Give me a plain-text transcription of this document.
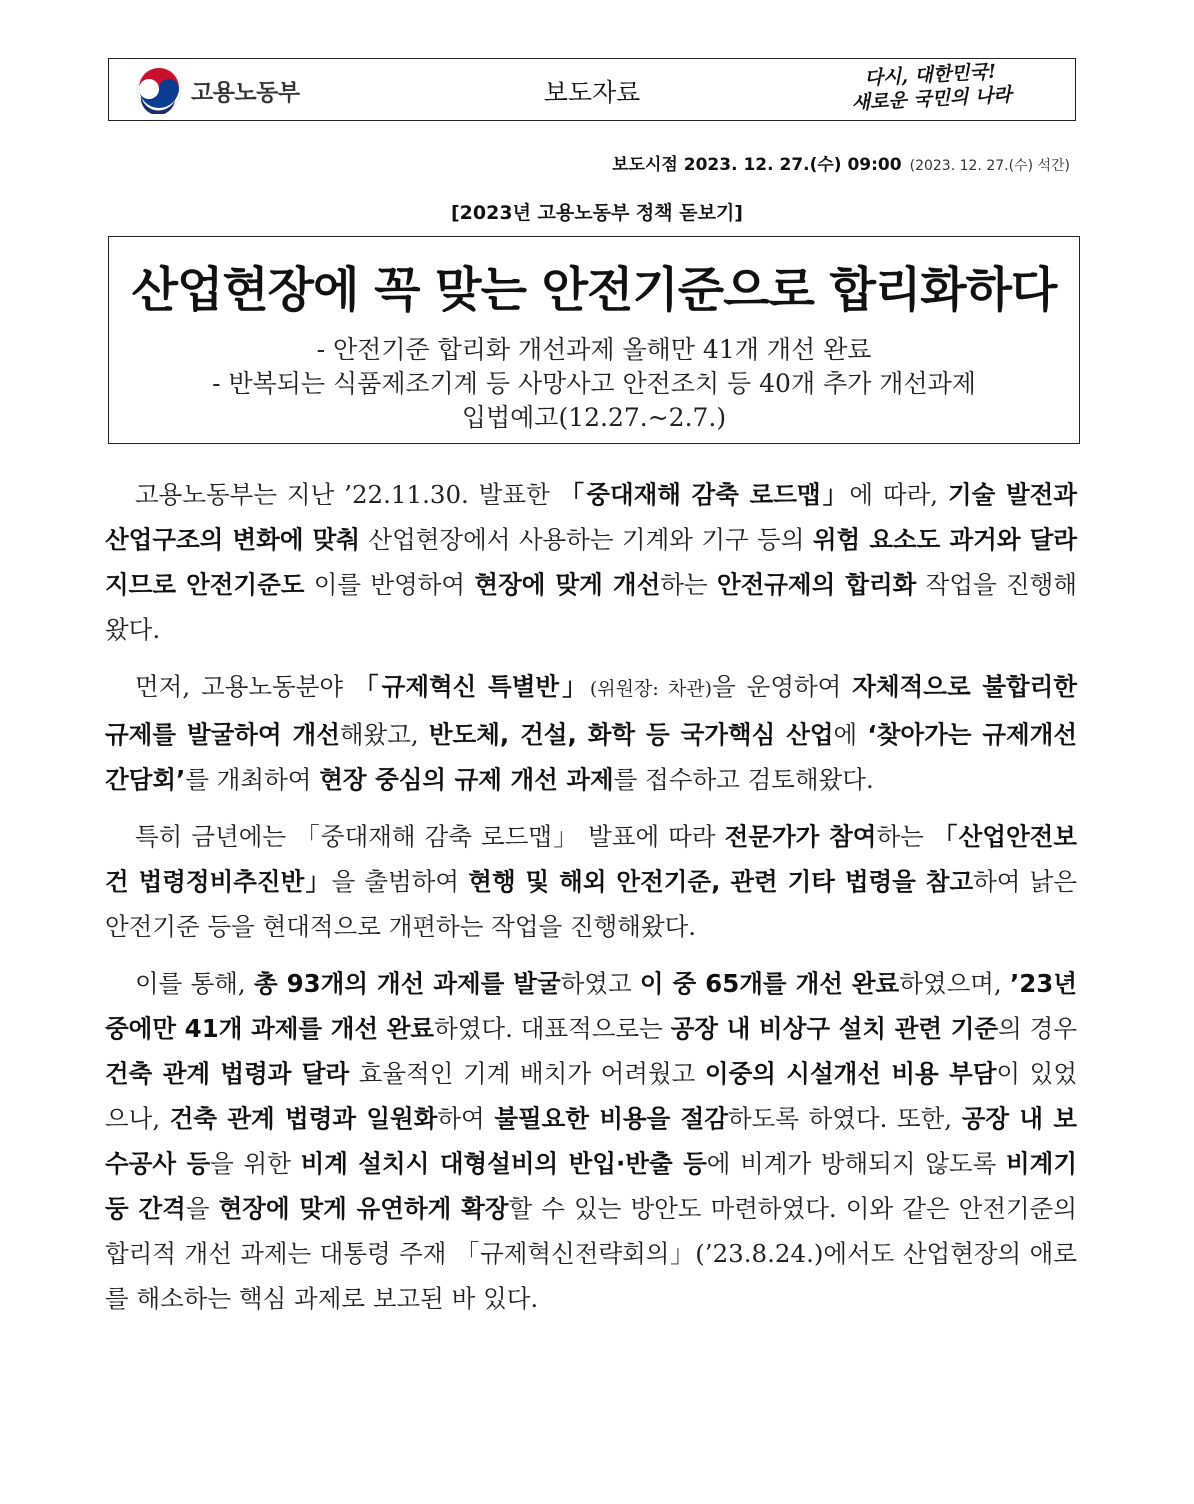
고용노동부	보도자료
다시, 대한민국!
새로운 국민의 나라
보도시점 2023. 12. 27.(수) 09:00 (2023. 12. 27.(수) 석간)
[2023년 고용노동부 정책 돋보기]
산업현장에 꼭 맞는 안전기준으로 합리화하다
- 안전기준 합리화 개선과제 올해만 41개 개선 완료
- 반복되는 식품제조기계 등 사망사고 안전조치 등 40개 추가 개선과제
입법예고(12.27.~2.7.)

고용노동부는 지난 ’22.11.30. 발표한 「중대재해 감축 로드맵」에 따라, 기술 발전과 산업구조의 변화에 맞춰 산업현장에서 사용하는 기계와 기구 등의 위험 요소도 과거와 달라지므로 안전기준도 이를 반영하여 현장에 맞게 개선하는 안전규제의 합리화 작업을 진행해왔다.

먼저, 고용노동분야 「규제혁신 특별반」(위원장: 차관)을 운영하여 자체적으로 불합리한 규제를 발굴하여 개선해왔고, 반도체, 건설, 화학 등 국가핵심 산업에 ‘찾아가는 규제개선 간담회’를 개최하여 현장 중심의 규제 개선 과제를 접수하고 검토해왔다.

특히 금년에는 「중대재해 감축 로드맵」 발표에 따라 전문가가 참여하는 「산업안전보건 법령정비추진반」을 출범하여 현행 및 해외 안전기준, 관련 기타 법령을 참고하여 낡은 안전기준 등을 현대적으로 개편하는 작업을 진행해왔다.

이를 통해, 총 93개의 개선 과제를 발굴하였고 이 중 65개를 개선 완료하였으며, ’23년 중에만 41개 과제를 개선 완료하였다. 대표적으로는 공장 내 비상구 설치 관련 기준의 경우 건축 관계 법령과 달라 효율적인 기계 배치가 어려웠고 이중의 시설개선 비용 부담이 있었으나, 건축 관계 법령과 일원화하여 불필요한 비용을 절감하도록 하였다. 또한, 공장 내 보수공사 등을 위한 비계 설치시 대형설비의 반입·반출 등에 비계가 방해되지 않도록 비계기둥 간격을 현장에 맞게 유연하게 확장할 수 있는 방안도 마련하였다. 이와 같은 안전기준의 합리적 개선 과제는 대통령 주재 「규제혁신전략회의」(’23.8.24.)에서도 산업현장의 애로를 해소하는 핵심 과제로 보고된 바 있다.
